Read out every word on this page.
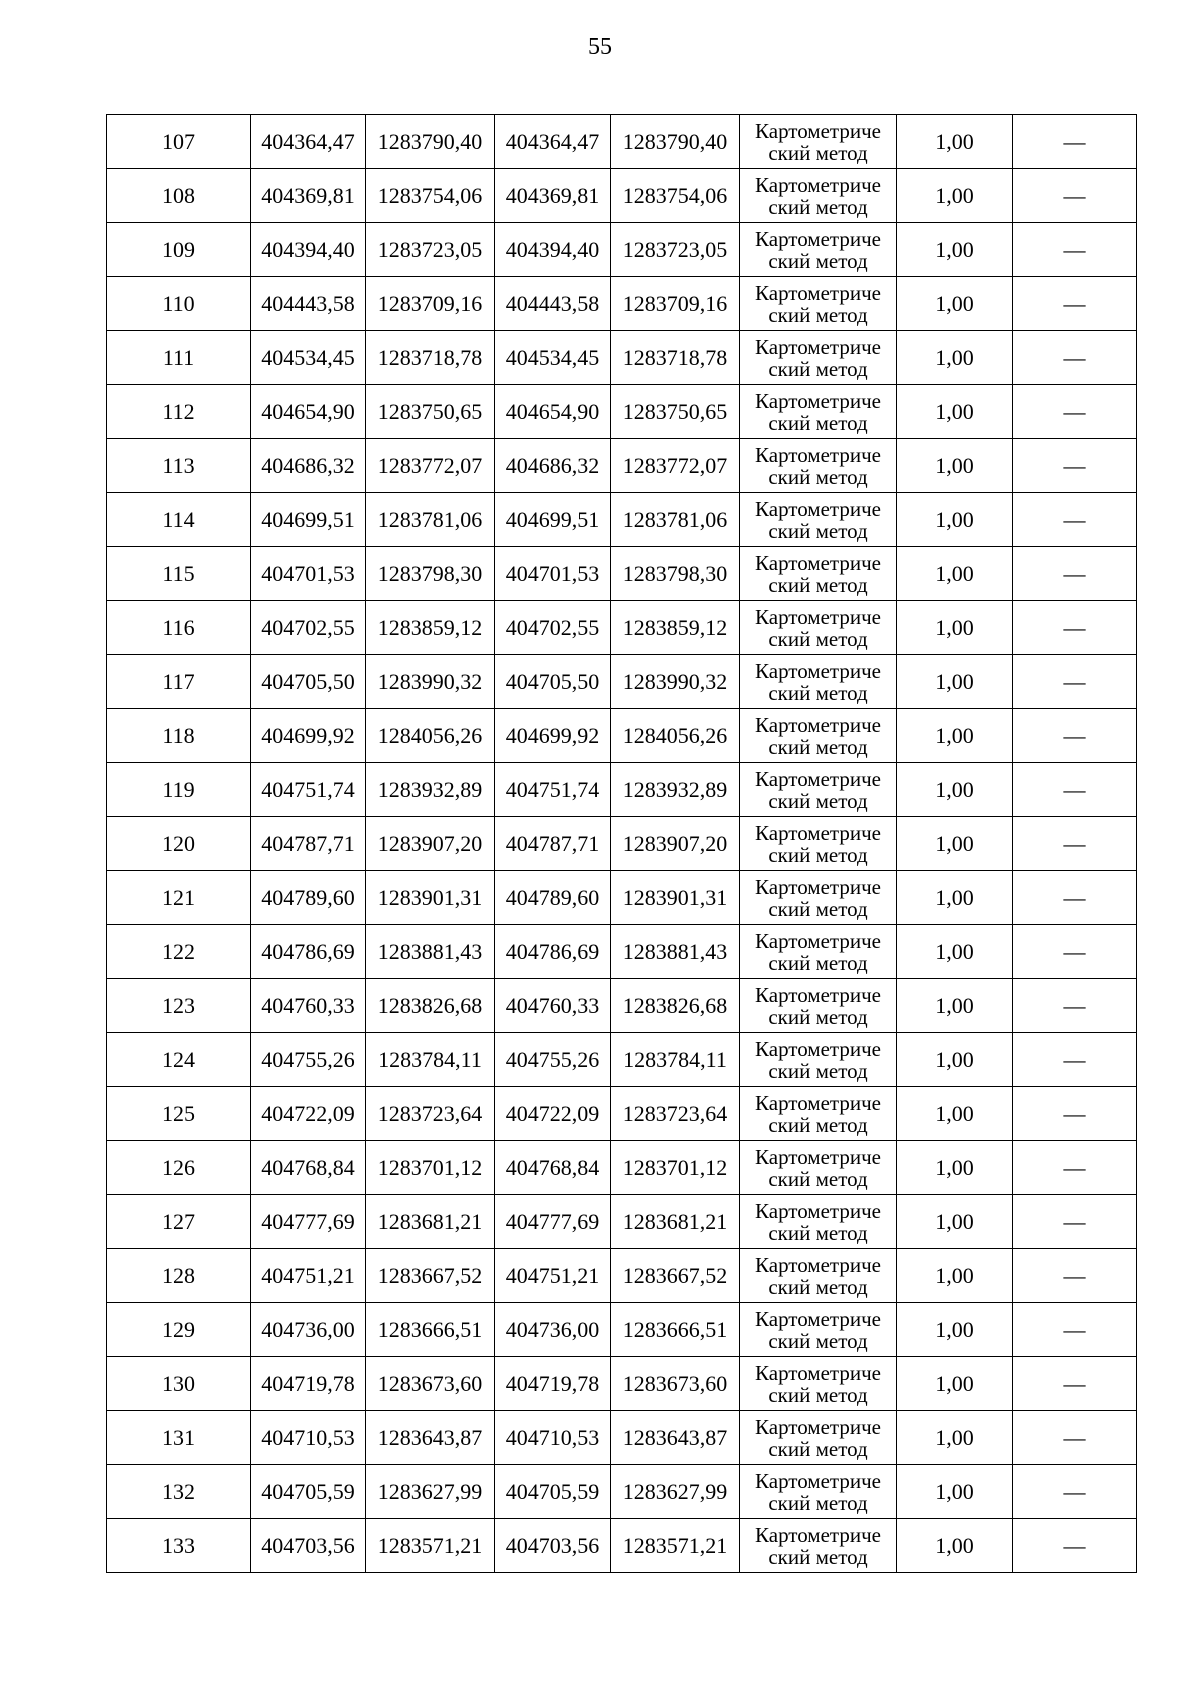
55
107	404364,47	1283790,40	404364,47	1283790,40	Картометриче
ский метод	1,00	—
108	404369,81	1283754,06	404369,81	1283754,06	Картометриче
ский метод	1,00	—
109	404394,40	1283723,05	404394,40	1283723,05	Картометриче
ский метод	1,00	—
110	404443,58	1283709,16	404443,58	1283709,16	Картометриче
ский метод	1,00	—
111	404534,45	1283718,78	404534,45	1283718,78	Картометриче
ский метод	1,00	—
112	404654,90	1283750,65	404654,90	1283750,65	Картометриче
ский метод	1,00	—
113	404686,32	1283772,07	404686,32	1283772,07	Картометриче
ский метод	1,00	—
114	404699,51	1283781,06	404699,51	1283781,06	Картометриче
ский метод	1,00	—
115	404701,53	1283798,30	404701,53	1283798,30	Картометриче
ский метод	1,00	—
116	404702,55	1283859,12	404702,55	1283859,12	Картометриче
ский метод	1,00	—
117	404705,50	1283990,32	404705,50	1283990,32	Картометриче
ский метод	1,00	—
118	404699,92	1284056,26	404699,92	1284056,26	Картометриче
ский метод	1,00	—
119	404751,74	1283932,89	404751,74	1283932,89	Картометриче
ский метод	1,00	—
120	404787,71	1283907,20	404787,71	1283907,20	Картометриче
ский метод	1,00	—
121	404789,60	1283901,31	404789,60	1283901,31	Картометриче
ский метод	1,00	—
122	404786,69	1283881,43	404786,69	1283881,43	Картометриче
ский метод	1,00	—
123	404760,33	1283826,68	404760,33	1283826,68	Картометриче
ский метод	1,00	—
124	404755,26	1283784,11	404755,26	1283784,11	Картометриче
ский метод	1,00	—
125	404722,09	1283723,64	404722,09	1283723,64	Картометриче
ский метод	1,00	—
126	404768,84	1283701,12	404768,84	1283701,12	Картометриче
ский метод	1,00	—
127	404777,69	1283681,21	404777,69	1283681,21	Картометриче
ский метод	1,00	—
128	404751,21	1283667,52	404751,21	1283667,52	Картометриче
ский метод	1,00	—
129	404736,00	1283666,51	404736,00	1283666,51	Картометриче
ский метод	1,00	—
130	404719,78	1283673,60	404719,78	1283673,60	Картометриче
ский метод	1,00	—
131	404710,53	1283643,87	404710,53	1283643,87	Картометриче
ский метод	1,00	—
132	404705,59	1283627,99	404705,59	1283627,99	Картометриче
ский метод	1,00	—
133	404703,56	1283571,21	404703,56	1283571,21	Картометриче
ский метод	1,00	—
